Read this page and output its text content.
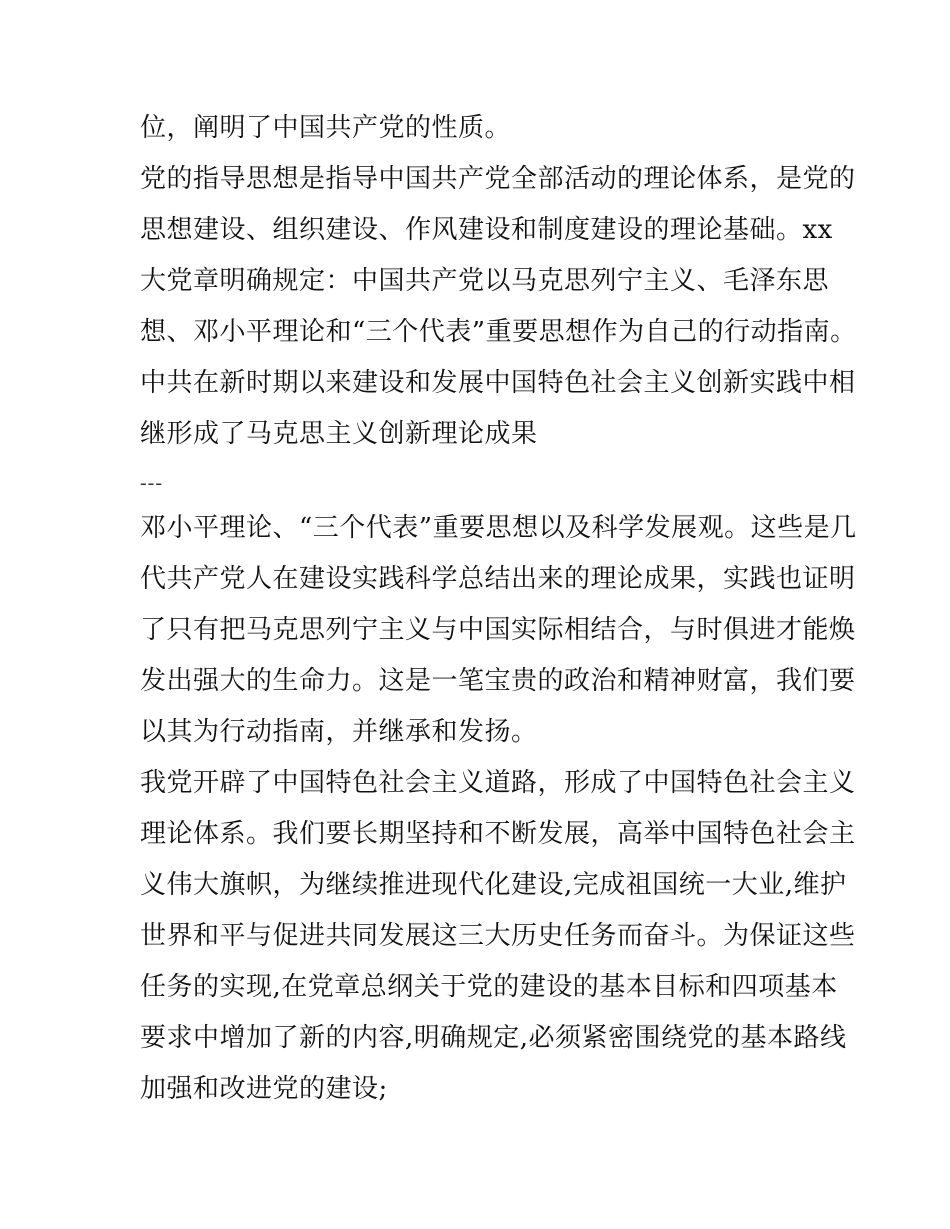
位，阐明了中国共产党的性质。
党的指导思想是指导中国共产党全部活动的理论体系，是党的
思想建设、组织建设、作风建设和制度建设的理论基础。xx
大党章明确规定：中国共产党以马克思列宁主义、毛泽东思
想、邓小平理论和“三个代表”重要思想作为自己的行动指南。
中共在新时期以来建设和发展中国特色社会主义创新实践中相
继形成了马克思主义创新理论成果
---
邓小平理论、“三个代表”重要思想以及科学发展观。这些是几
代共产党人在建设实践科学总结出来的理论成果，实践也证明
了只有把马克思列宁主义与中国实际相结合，与时俱进才能焕
发出强大的生命力。这是一笔宝贵的政治和精神财富，我们要
以其为行动指南，并继承和发扬。
我党开辟了中国特色社会主义道路，形成了中国特色社会主义
理论体系。我们要长期坚持和不断发展，高举中国特色社会主
义伟大旗帜，为继续推进现代化建设,完成祖国统一大业,维护
世界和平与促进共同发展这三大历史任务而奋斗。为保证这些
任务的实现,在党章总纲关于党的建设的基本目标和四项基本
要求中增加了新的内容,明确规定,必须紧密围绕党的基本路线
加强和改进党的建设;
